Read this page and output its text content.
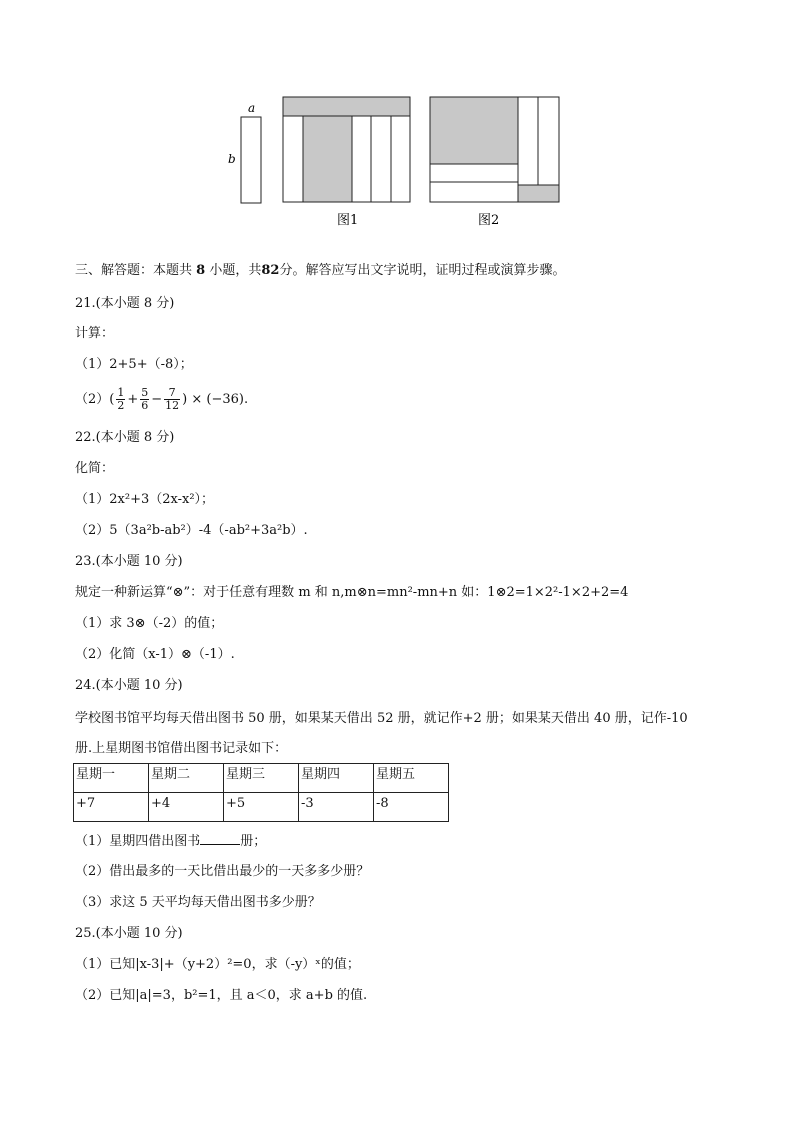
a
b
图1	图2
三、解答题：本题共 8 小题，共82分。解答应写出文字说明，证明过程或演算步骤。
21.(本小题 8 分)
计算：
（1）2+5+（-8）；
$(2)( \frac{1}{2} + \frac{5}{6} - \frac{7}{12}$ ) × (−36).
22.(本小题 8 分)
化简：
（1）2x²+3（2x-x²）；
（2）5（3a²b-ab²）-4（-ab²+3a²b）.
23.(本小题 10 分)
规定一种新运算“⊗”：对于任意有理数 m 和 n,m⊗n=mn²-mn+n 如：1⊗2=1×2²-1×2+2=4
（1）求 3⊗（-2）的值；
（2）化简（x-1）⊗（-1）.
24.(本小题 10 分)
学校图书馆平均每天借出图书 50 册，如果某天借出 52 册，就记作+2 册；如果某天借出 40 册，记作-10
册.上星期图书馆借出图书记录如下：
星期一	星期二	星期三	星期四	星期五
+7	+4	+5	-3	-8
（1）星期四借出图书	册；
（2）借出最多的一天比借出最少的一天多多少册？
（3）求这 5 天平均每天借出图书多少册？
25.(本小题 10 分)
（1）已知|x-3|+（y+2）²=0，求（-y）ˣ的值；
（2）已知|a|=3，b²=1，且 a＜0，求 a+b 的值.
